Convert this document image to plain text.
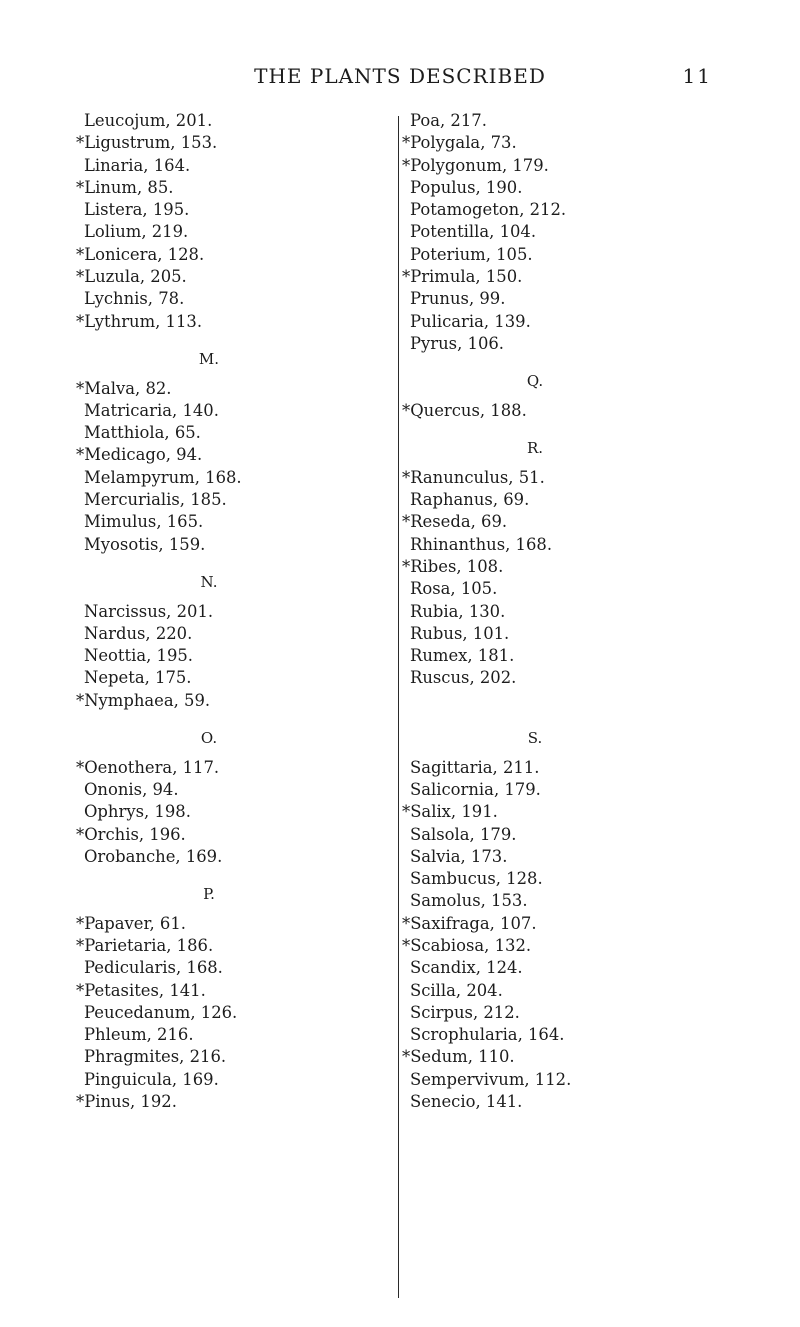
THE PLANTS DESCRIBED	11
Leucojum, 201.
*Ligustrum, 153.
Linaria, 164.
*Linum, 85.
Listera, 195.
Lolium, 219.
*Lonicera, 128.
*Luzula, 205.
Lychnis, 78.
*Lythrum, 113.
M.
*Malva, 82.
Matricaria, 140.
Matthiola, 65.
*Medicago, 94.
Melampyrum, 168.
Mercurialis, 185.
Mimulus, 165.
Myosotis, 159.
N.
Narcissus, 201.
Nardus, 220.
Neottia, 195.
Nepeta, 175.
*Nymphaea, 59.
O.
*Oenothera, 117.
Ononis, 94.
Ophrys, 198.
*Orchis, 196.
Orobanche, 169.
P.
*Papaver, 61.
*Parietaria, 186.
Pedicularis, 168.
*Petasites, 141.
Peucedanum, 126.
Phleum, 216.
Phragmites, 216.
Pinguicula, 169.
*Pinus, 192.
Poa, 217.
*Polygala, 73.
*Polygonum, 179.
Populus, 190.
Potamogeton, 212.
Potentilla, 104.
Poterium, 105.
*Primula, 150.
Prunus, 99.
Pulicaria, 139.
Pyrus, 106.
Q.
*Quercus, 188.
R.
*Ranunculus, 51.
Raphanus, 69.
*Reseda, 69.
Rhinanthus, 168.
*Ribes, 108.
Rosa, 105.
Rubia, 130.
Rubus, 101.
Rumex, 181.
Ruscus, 202.
S.
Sagittaria, 211.
Salicornia, 179.
*Salix, 191.
Salsola, 179.
Salvia, 173.
Sambucus, 128.
Samolus, 153.
*Saxifraga, 107.
*Scabiosa, 132.
Scandix, 124.
Scilla, 204.
Scirpus, 212.
Scrophularia, 164.
*Sedum, 110.
Sempervivum, 112.
Senecio, 141.
